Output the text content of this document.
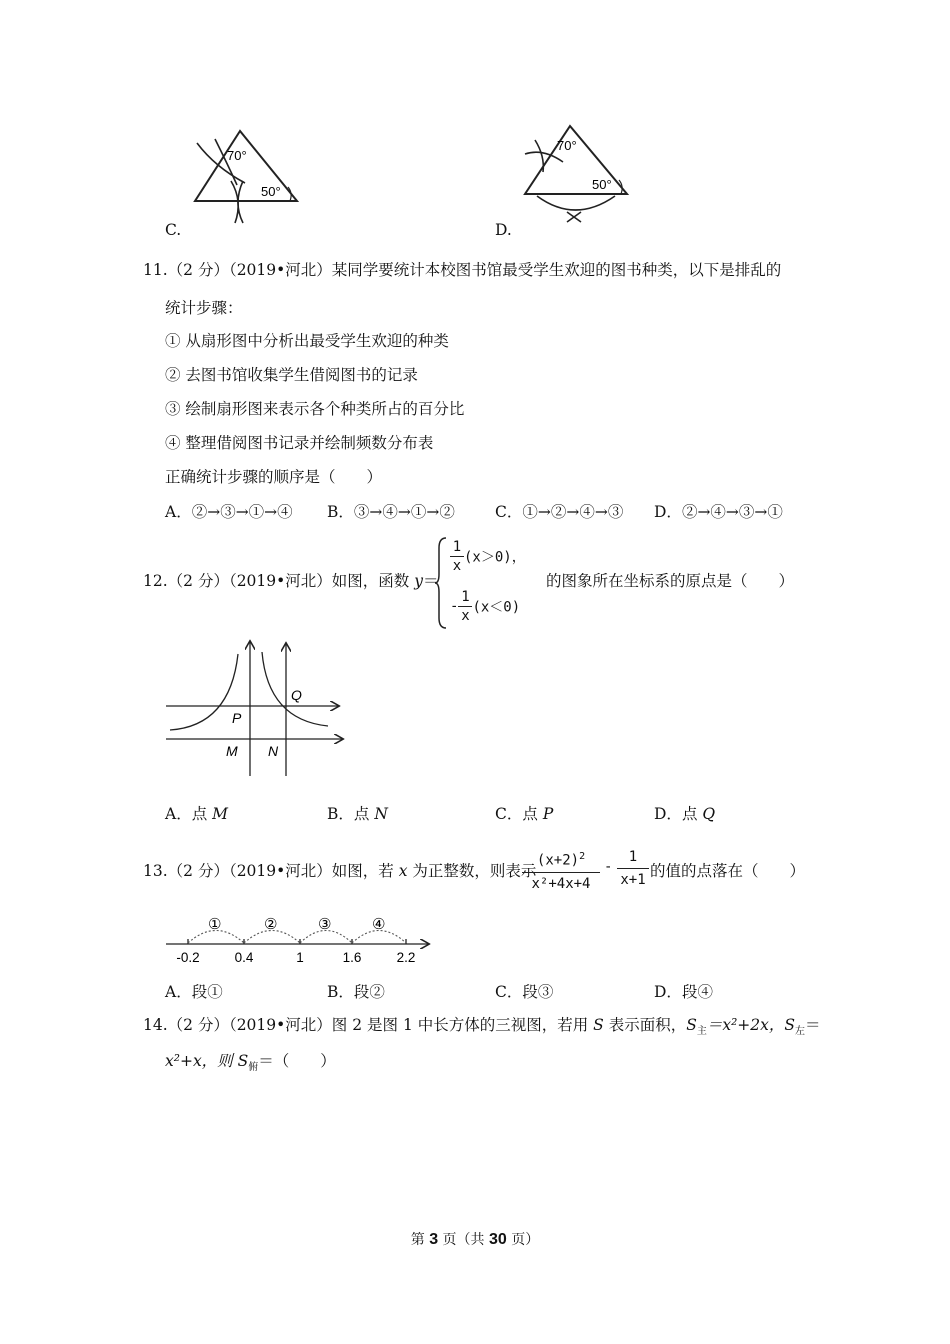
70°
50°
C.
70°
50°
D.
11.（2 分）（2019•河北）某同学要统计本校图书馆最受学生欢迎的图书种类，以下是排乱的
统计步骤：
① 从扇形图中分析出最受学生欢迎的种类
② 去图书馆收集学生借阅图书的记录
③ 绘制扇形图来表示各个种类所占的百分比
④ 整理借阅图书记录并绘制频数分布表
正确统计步骤的顺序是（　　）
A．②→③→①→④ B．③→④→①→②	C．①→②→④→③ D．②→④→③→①
12.（2 分）（2019•河北）如图，函数 y＝
$\frac{1}{x} (x>0)$，
- $\frac{1}{x} (x<0)$
的图象所在坐标系的原点是（　　）
P
Q
M N
A．点 M	B．点 N	C．点 P	D．点 Q
13.（2 分）（2019•河北）如图，若 x 为正整数，则表示
$\frac{(x+2)^2}{\text{x²+4x+4}} - \frac{1}{x+1}$ 的值的点落在（　　）
①	②	③	④
-0.2	0.4	1	1.6	2.2
A．段①	B．段②	C．段③	D．段④
14.（2 分）（2019•河北）图 2 是图 1 中长方体的三视图，若用 S 表示面积，$S_主=x^2+2x$，$S_左=$
x²+x，则 $S_俯=$（　　）
第 3 页（共 30 页）
